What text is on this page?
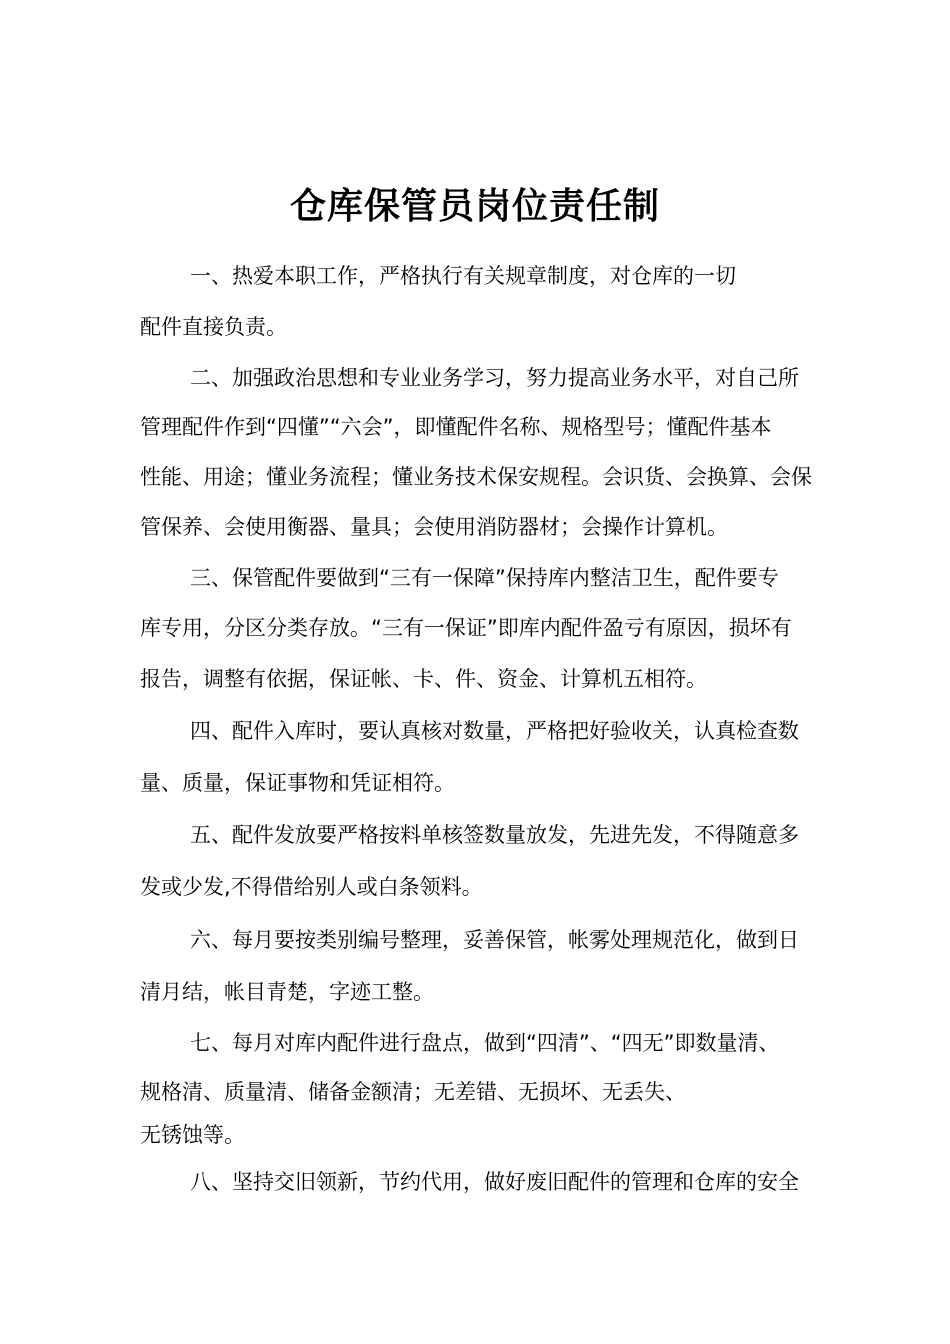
仓库保管员岗位责任制
一、热爱本职工作，严格执行有关规章制度，对仓库的一切
配件直接负责。
二、加强政治思想和专业业务学习，努力提高业务水平，对自己所
管理配件作到“四懂”“六会”，即懂配件名称、规格型号；懂配件基本
性能、用途；懂业务流程；懂业务技术保安规程。会识货、会换算、会保
管保养、会使用衡器、量具；会使用消防器材；会操作计算机。
三、保管配件要做到“三有一保障”保持库内整洁卫生，配件要专
库专用，分区分类存放。“三有一保证”即库内配件盈亏有原因，损坏有
报告，调整有依据，保证帐、卡、件、资金、计算机五相符。
四、配件入库时，要认真核对数量，严格把好验收关，认真检查数
量、质量，保证事物和凭证相符。
五、配件发放要严格按料单核签数量放发，先进先发，不得随意多
发或少发,不得借给别人或白条领料。
六、每月要按类别编号整理，妥善保管，帐雾处理规范化，做到日
清月结，帐目青楚，字迹工整。
七、每月对库内配件进行盘点，做到“四清”、“四无”即数量清、
规格清、质量清、储备金额清；无差错、无损坏、无丢失、
无锈蚀等。
八、坚持交旧领新，节约代用，做好废旧配件的管理和仓库的安全
